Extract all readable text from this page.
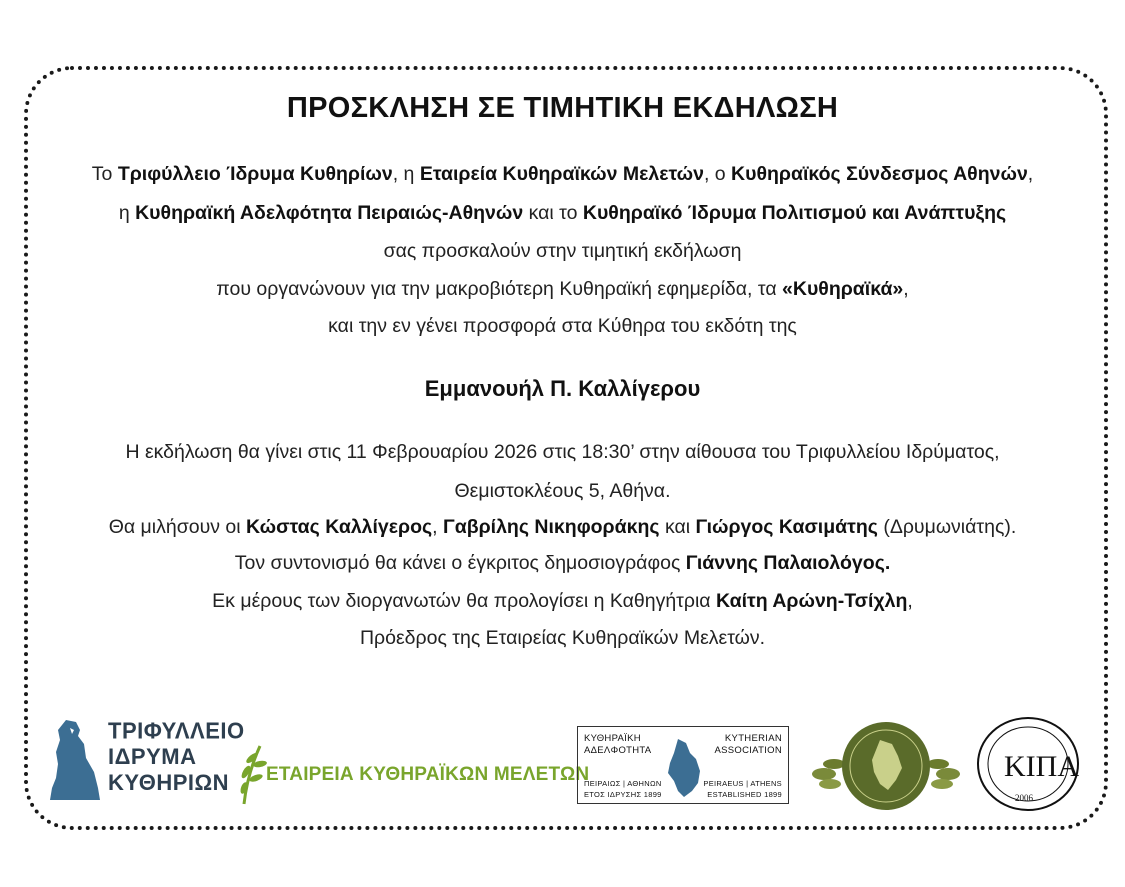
ΠΡΟΣΚΛΗΣΗ ΣΕ ΤΙΜΗΤΙΚΗ ΕΚΔΗΛΩΣΗ
Το Τριφύλλειο Ίδρυμα Κυθηρίων, η Εταιρεία Κυθηραϊκών Μελετών, ο Κυθηραϊκός Σύνδεσμος Αθηνών,
η Κυθηραϊκή Αδελφότητα Πειραιώς-Αθηνών και το Κυθηραϊκό Ίδρυμα Πολιτισμού και Ανάπτυξης
σας προσκαλούν στην τιμητική εκδήλωση
που οργανώνουν για την μακροβιότερη Κυθηραϊκή εφημερίδα, τα «Κυθηραϊκά»,
και την εν γένει προσφορά στα Κύθηρα του εκδότη της
Εμμανουήλ Π. Καλλίγερου
Η εκδήλωση θα γίνει στις 11 Φεβρουαρίου 2026 στις 18:30’ στην αίθουσα του Τριφυλλείου Ιδρύματος,
Θεμιστοκλέους 5, Αθήνα.
Θα μιλήσουν οι Κώστας Καλλίγερος, Γαβρίλης Νικηφοράκης και Γιώργος Κασιμάτης (Δρυμωνιάτης).
Τον συντονισμό θα κάνει ο έγκριτος δημοσιογράφος Γιάννης Παλαιολόγος.
Εκ μέρους των διοργανωτών θα προλογίσει η Καθηγήτρια Καίτη Αρώνη-Τσίχλη,
Πρόεδρος της Εταιρείας Κυθηραϊκών Μελετών.
ΤΡΙΦΥΛΛΕΙΟ
ΙΔΡΥΜΑ
ΚΥΘΗΡΙΩΝ ΕΤΑΙΡΕΙΑ ΚΥΘΗΡΑΪΚΩΝ ΜΕΛΕΤΩΝ
ΚΥΘΗΡΑΪΚΗ
ΑΔΕΛΦΟΤΗΤΑ
KYTHERIAN
ASSOCIATION
ΠΕΙΡΑΙΩΣ | ΑΘΗΝΩΝ
ΕΤΟΣ ΙΔΡΥΣΗΣ 1899
PEIRAEUS | ATHENS
ESTABLISHED 1899
ΚΙΠΑ
2006
